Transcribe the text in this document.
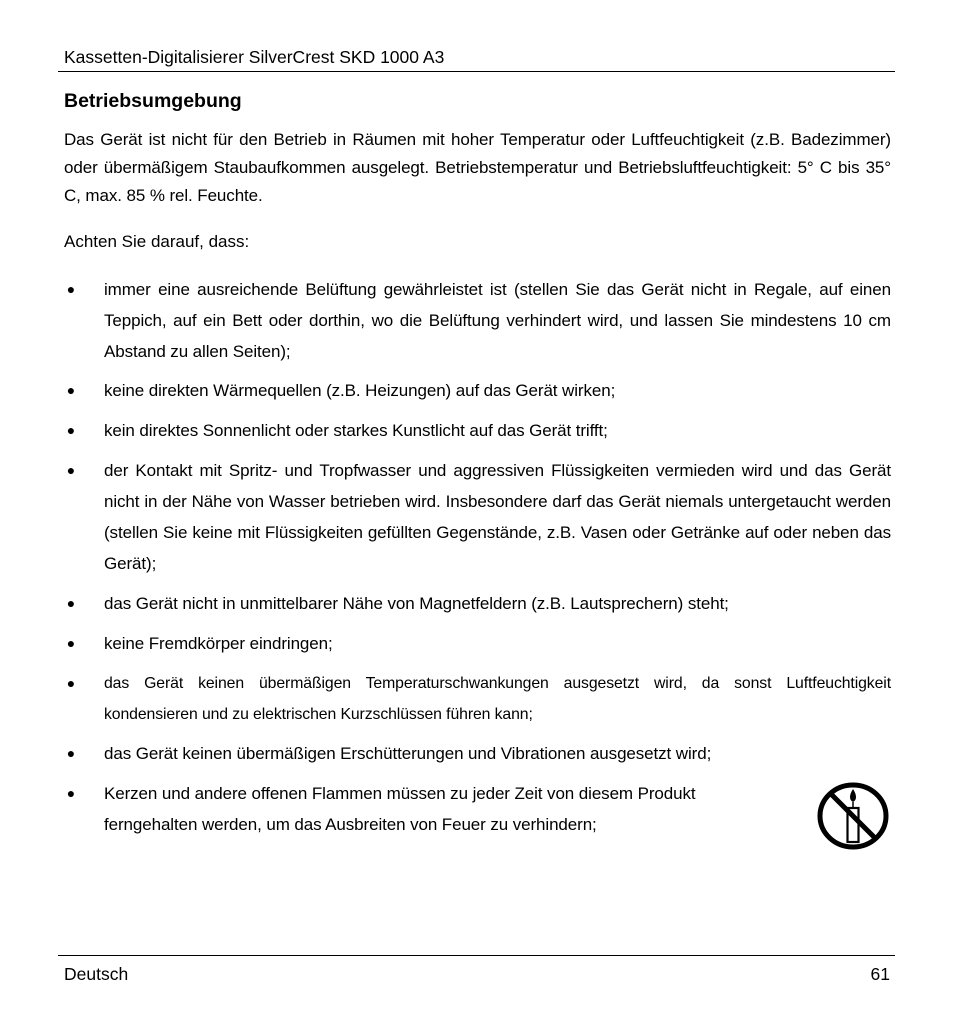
Kassetten-Digitalisierer SilverCrest SKD 1000 A3
Betriebsumgebung
Das Gerät ist nicht für den Betrieb in Räumen mit hoher Temperatur oder Luftfeuchtigkeit (z.B. Badezimmer) oder übermäßigem Staubaufkommen ausgelegt. Betriebstemperatur und Betriebsluftfeuchtigkeit: 5° C bis 35° C, max. 85 % rel. Feuchte.
Achten Sie darauf, dass:
● immer eine ausreichende Belüftung gewährleistet ist (stellen Sie das Gerät nicht in Regale, auf einen Teppich, auf ein Bett oder dorthin, wo die Belüftung verhindert wird, und lassen Sie mindestens 10 cm Abstand zu allen Seiten);
● keine direkten Wärmequellen (z.B. Heizungen) auf das Gerät wirken;
● kein direktes Sonnenlicht oder starkes Kunstlicht auf das Gerät trifft;
● der Kontakt mit Spritz- und Tropfwasser und aggressiven Flüssigkeiten vermieden wird und das Gerät nicht in der Nähe von Wasser betrieben wird. Insbesondere darf das Gerät niemals untergetaucht werden (stellen Sie keine mit Flüssigkeiten gefüllten Gegenstände, z.B. Vasen oder Getränke auf oder neben das Gerät);
● das Gerät nicht in unmittelbarer Nähe von Magnetfeldern (z.B. Lautsprechern) steht;
● keine Fremdkörper eindringen;
● das Gerät keinen übermäßigen Temperaturschwankungen ausgesetzt wird, da sonst Luftfeuchtigkeit kondensieren und zu elektrischen Kurzschlüssen führen kann;
● das Gerät keinen übermäßigen Erschütterungen und Vibrationen ausgesetzt wird;
● Kerzen und andere offenen Flammen müssen zu jeder Zeit von diesem Produkt ferngehalten werden, um das Ausbreiten von Feuer zu verhindern;
Deutsch	61
